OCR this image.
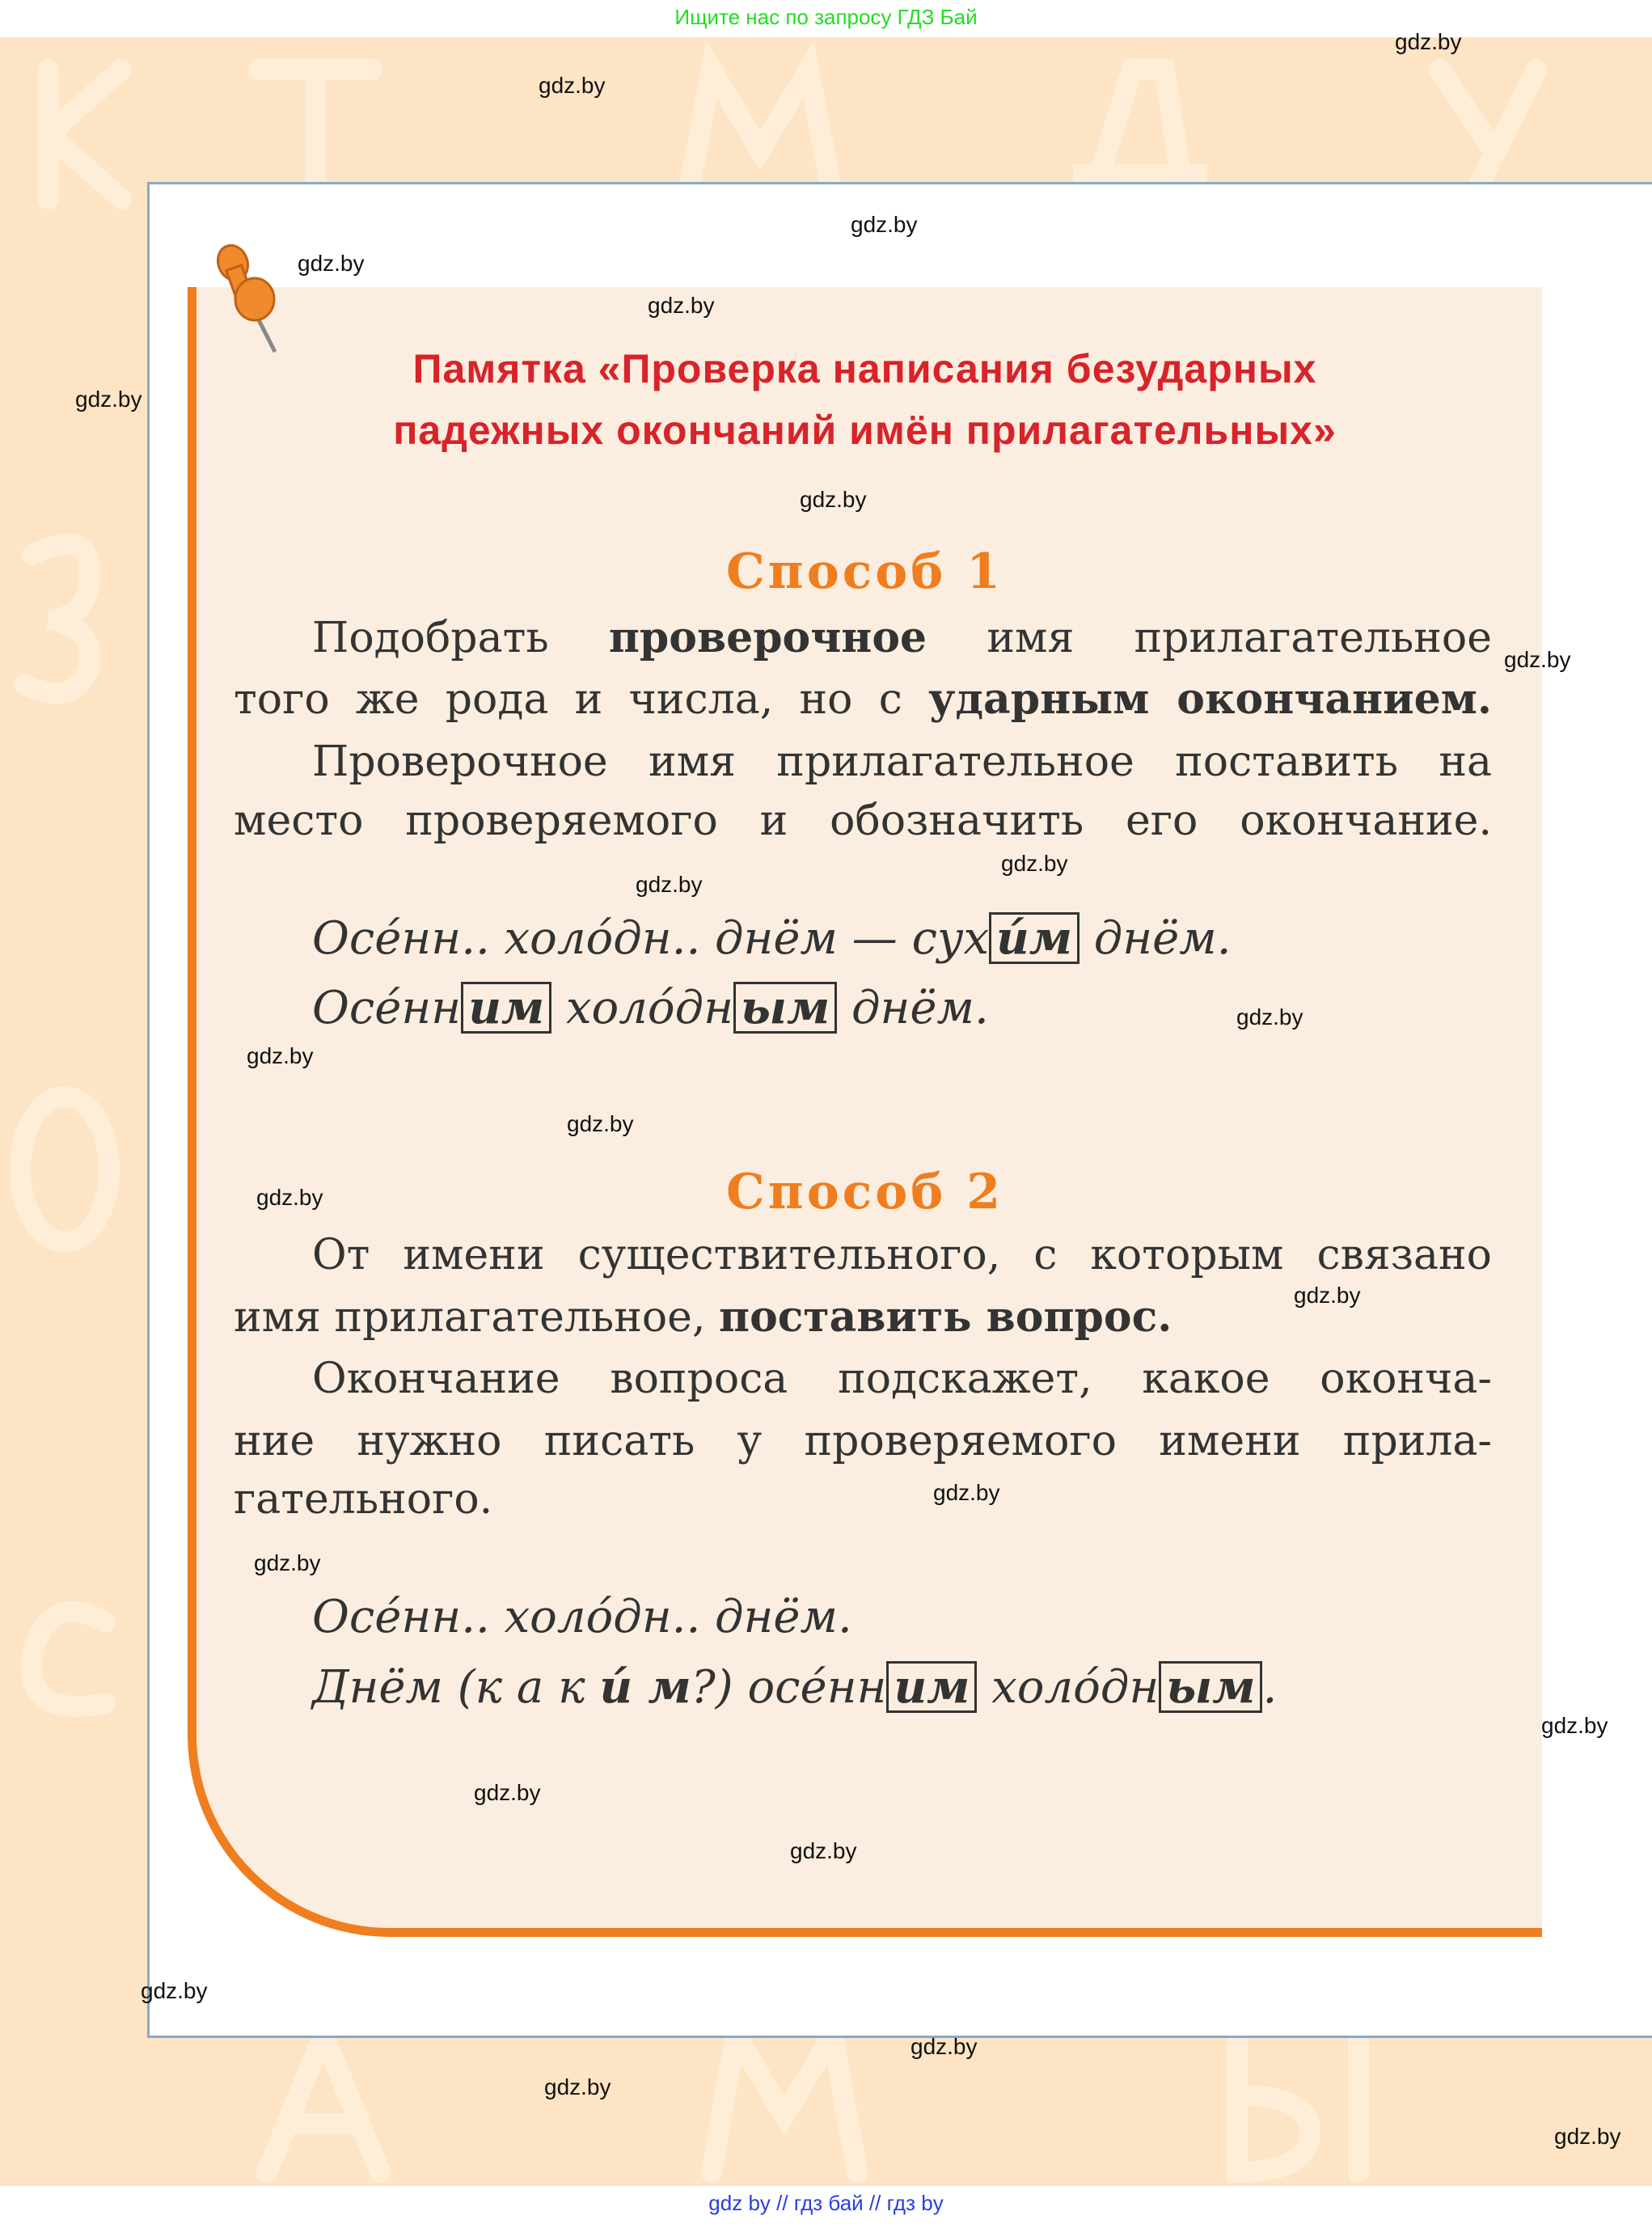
Ищите нас по запросу ГДЗ Бай
gdz by // гдз бай // гдз by
Памятка «Проверка написания безударных
падежных окончаний имён прилагательных»
Способ 1
Способ 2
Подобрать проверочное имя прилагательное
того же рода и числа, но с ударным окончанием.
Проверочное имя прилагательное поставить на
место проверяемого и обозначить его окончание.
От имени существительного, с которым связано
имя прилагательное, поставить вопрос.
Окончание вопроса подскажет, какое оконча-
ние нужно писать у проверяемого имени прила-
гательного.
Осе́нн.. холо́дн.. днём — сух и́м днём.
Осе́нн им холо́дн ым днём.
Осе́нн.. холо́дн.. днём.
Днём (к а к и́ м?) осе́нн им холо́дн ым .
gdz.by
gdz.by
gdz.by
gdz.by
gdz.by
gdz.by
gdz.by
gdz.by
gdz.by
gdz.by
gdz.by
gdz.by
gdz.by
gdz.by
gdz.by
gdz.by
gdz.by
gdz.by
gdz.by
gdz.by
gdz.by
gdz.by
gdz.by
gdz.by
